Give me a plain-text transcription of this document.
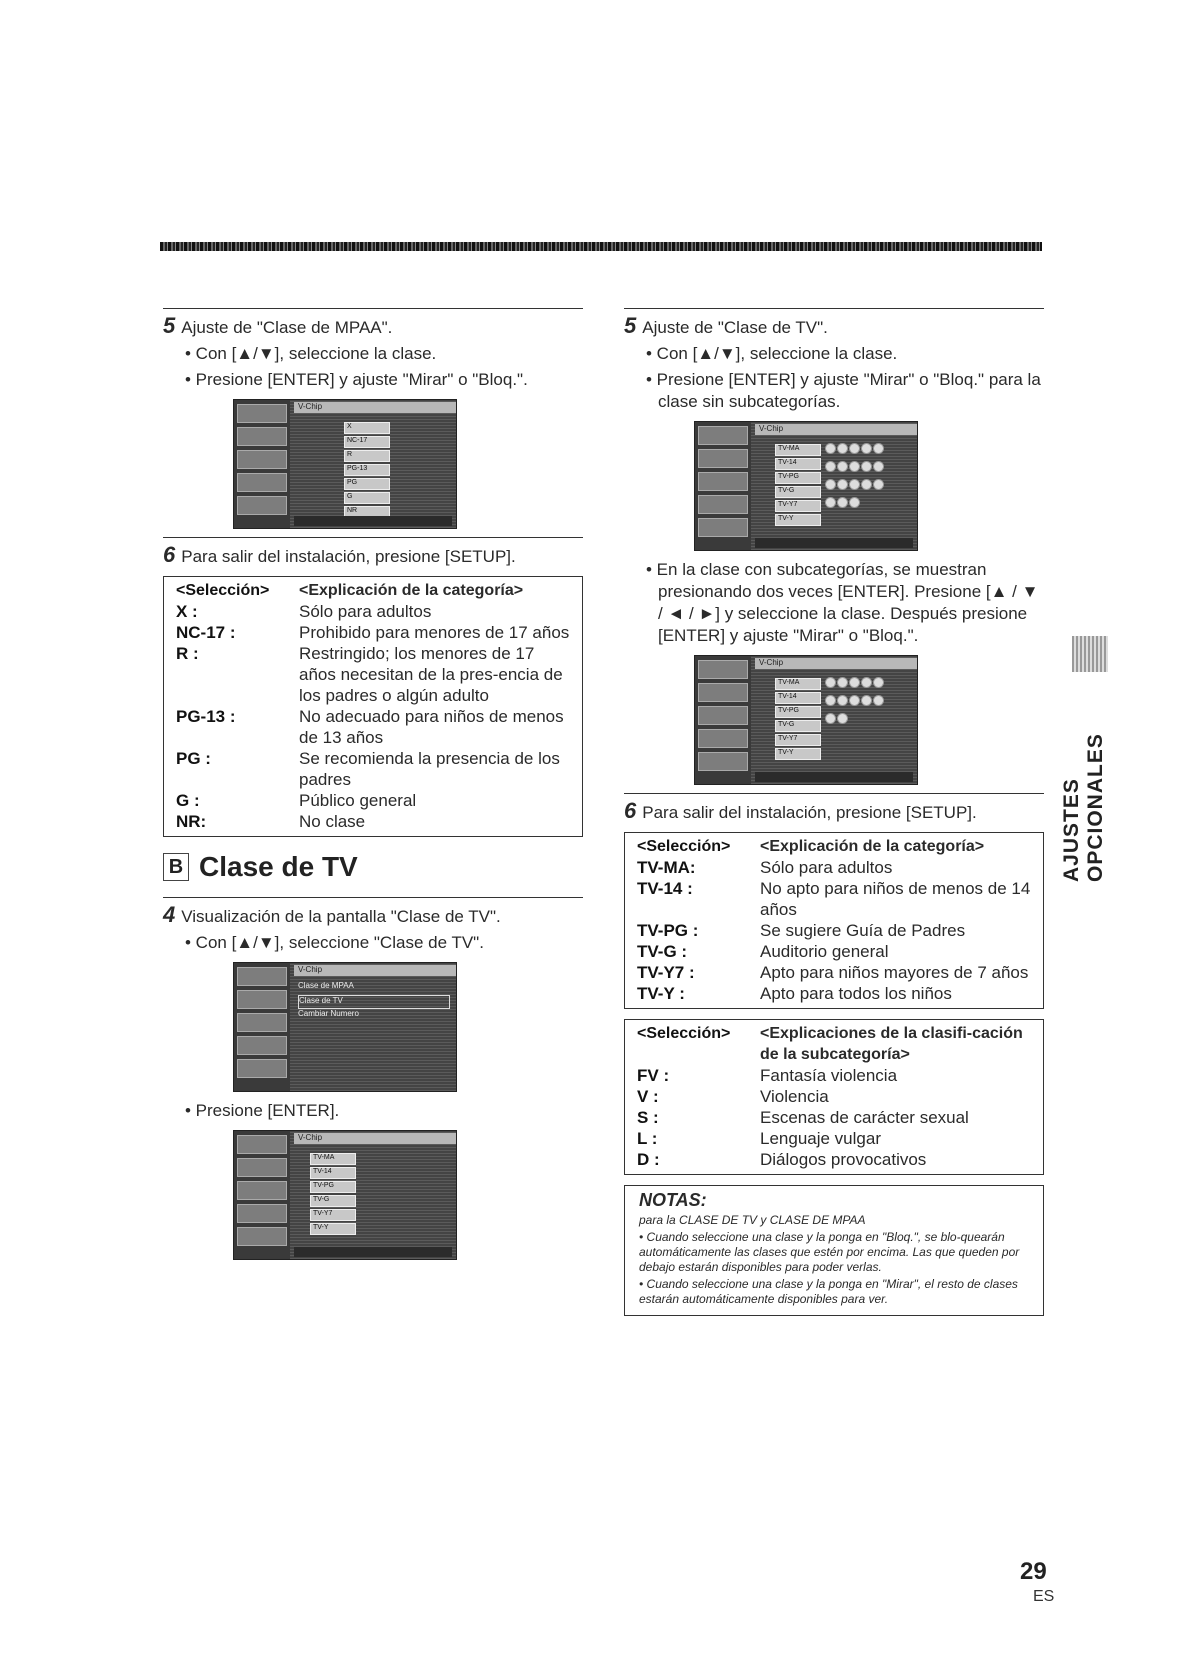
5 Ajuste de "Clase de MPAA".

• Con [▲/▼], seleccione la clase.

• Presione [ENTER] y ajuste "Mirar" o "Bloq.".

V-Chip
X
NC-17
R
PG-13
PG
G
NR

6 Para salir del instalación, presione [SETUP].

<Selección>	<Explicación de la categoría>
X :	Sólo para adultos
NC-17 :	Prohibido para menores de 17 años
R :	Restringido; los menores de 17 años necesitan de la pres-encia de los padres o algún adulto
PG-13 :	No adecuado para niños de menos de 13 años
PG :	Se recomienda la presencia de los padres
G :	Público general
NR:	No clase
B Clase de TV

4 Visualización de la pantalla "Clase de TV".

• Con [▲/▼], seleccione "Clase de TV".

V-Chip
Clase de MPAA
Clase de TV
Cambiar Numero

• Presione [ENTER].

V-Chip
TV-MA
TV-14
TV-PG
TV-G
TV-Y7
TV-Y

5 Ajuste de "Clase de TV".

• Con [▲/▼], seleccione la clase.

• Presione [ENTER] y ajuste "Mirar" o "Bloq." para la clase sin subcategorías.

V-Chip
TV-MA
TV-14
TV-PG
TV-G
TV-Y7
TV-Y

• En la clase con subcategorías, se muestran presionando dos veces [ENTER]. Presione [▲ / ▼ / ◄ / ►] y seleccione la clase. Después presione [ENTER] y ajuste "Mirar" o "Bloq.".

V-Chip
TV-MA
TV-14
TV-PG
TV-G
TV-Y7
TV-Y

6 Para salir del instalación, presione [SETUP].

<Selección>	<Explicación de la categoría>
TV-MA:	Sólo para adultos
TV-14 :	No apto para niños de menos de 14 años
TV-PG :	Se sugiere Guía de Padres
TV-G :	Auditorio general
TV-Y7 :	Apto para niños mayores de 7 años
TV-Y :	Apto para todos los niños
<Selección>	<Explicaciones de la clasifi-cación de la subcategoría>
FV :	Fantasía violencia
V :	Violencia
S :	Escenas de carácter sexual
L :	Lenguaje vulgar
D :	Diálogos provocativos
NOTAS:

para la CLASE DE TV y CLASE DE MPAA

• Cuando seleccione una clase y la ponga en "Bloq.", se blo-quearán automáticamente las clases que estén por encima. Las que queden por debajo estarán disponibles para poder verlas.

• Cuando seleccione una clase y la ponga en "Mirar", el resto de clases estarán automáticamente disponibles para ver.

AJUSTES OPCIONALES
29
ES
